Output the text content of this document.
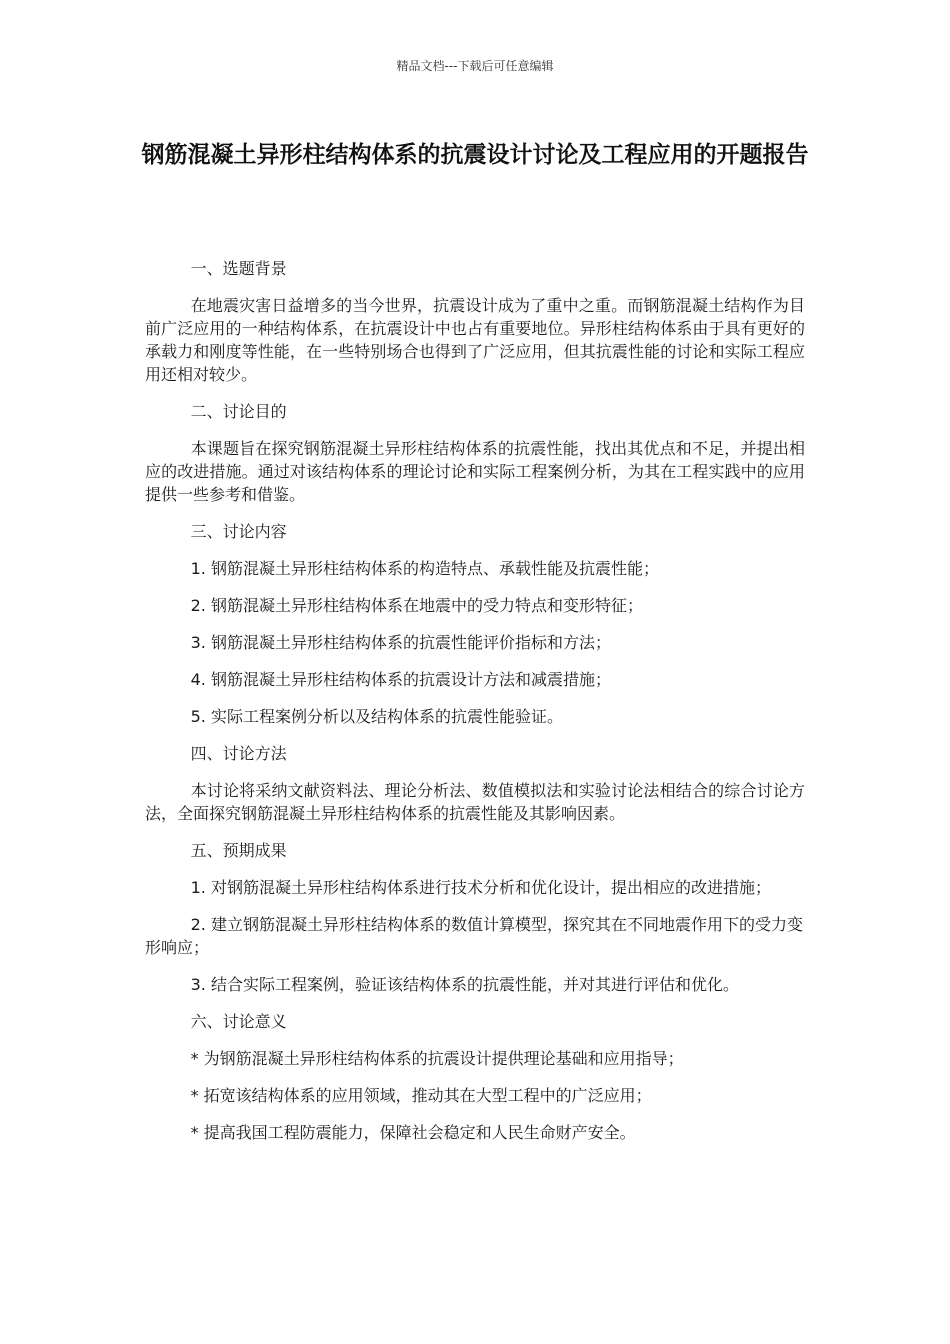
精品文档---下载后可任意编辑
钢筋混凝土异形柱结构体系的抗震设计讨论及工程应用的开题报告
一、选题背景

在地震灾害日益增多的当今世界，抗震设计成为了重中之重。而钢筋混凝土结构作为目前广泛应用的一种结构体系，在抗震设计中也占有重要地位。异形柱结构体系由于具有更好的承载力和刚度等性能，在一些特别场合也得到了广泛应用，但其抗震性能的讨论和实际工程应用还相对较少。

二、讨论目的

本课题旨在探究钢筋混凝土异形柱结构体系的抗震性能，找出其优点和不足，并提出相应的改进措施。通过对该结构体系的理论讨论和实际工程案例分析，为其在工程实践中的应用提供一些参考和借鉴。

三、讨论内容
1. 钢筋混凝土异形柱结构体系的构造特点、承载性能及抗震性能；
2. 钢筋混凝土异形柱结构体系在地震中的受力特点和变形特征；
3. 钢筋混凝土异形柱结构体系的抗震性能评价指标和方法；
4. 钢筋混凝土异形柱结构体系的抗震设计方法和减震措施；
5. 实际工程案例分析以及结构体系的抗震性能验证。
四、讨论方法

本讨论将采纳文献资料法、理论分析法、数值模拟法和实验讨论法相结合的综合讨论方法，全面探究钢筋混凝土异形柱结构体系的抗震性能及其影响因素。

五、预期成果
1. 对钢筋混凝土异形柱结构体系进行技术分析和优化设计，提出相应的改进措施；
2. 建立钢筋混凝土异形柱结构体系的数值计算模型，探究其在不同地震作用下的受力变形响应；
3. 结合实际工程案例，验证该结构体系的抗震性能，并对其进行评估和优化。
六、讨论意义
* 为钢筋混凝土异形柱结构体系的抗震设计提供理论基础和应用指导；
* 拓宽该结构体系的应用领域，推动其在大型工程中的广泛应用；
* 提高我国工程防震能力，保障社会稳定和人民生命财产安全。
